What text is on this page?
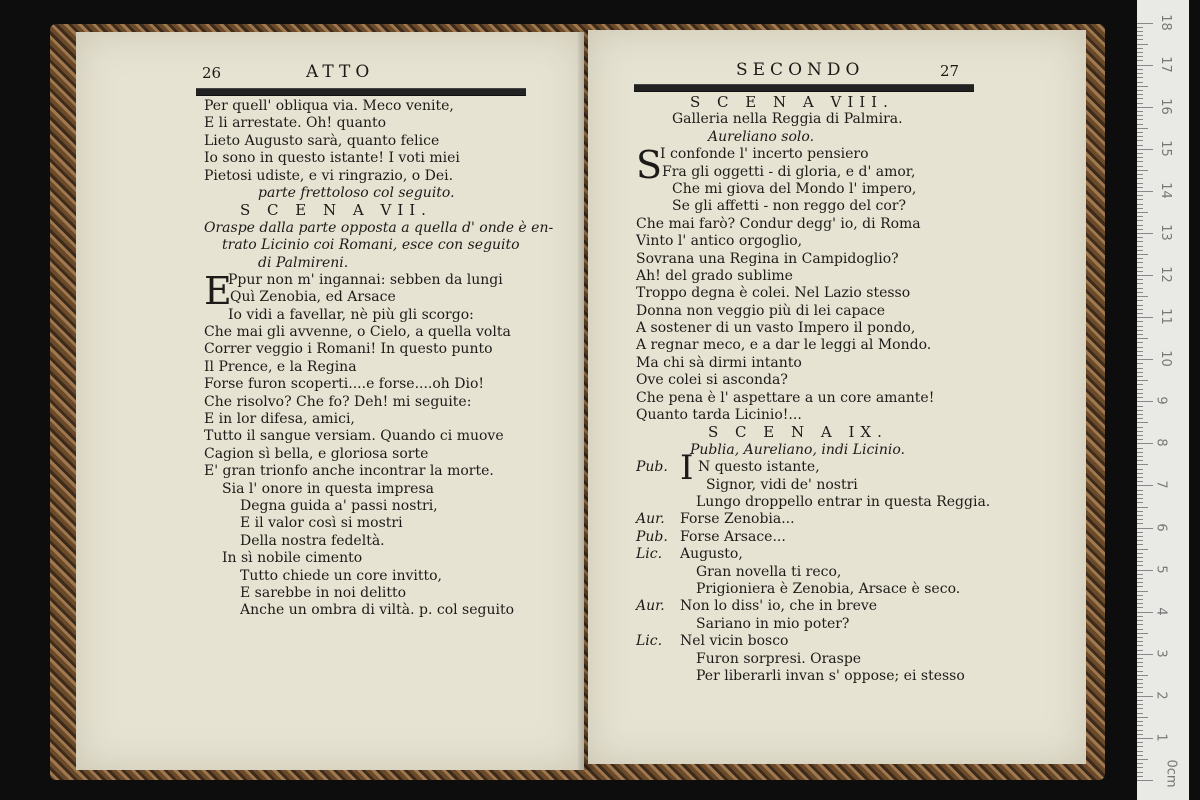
26	ATTO
Per quell' obliqua via. Meco venite,
E li arrestate. Oh! quanto
Lieto Augusto sarà, quanto felice
Io sono in questo istante! I voti miei
Pietosi udiste, e vi ringrazio, o Dei.
parte frettoloso col seguito.
S C E N A VII.
Oraspe dalla parte opposta a quella d' onde è en-
trato Licinio coi Romani, esce con seguito
di Palmireni.
E
Ppur non m' ingannai: sebben da lungi
Quì Zenobia, ed Arsace
Io vidi a favellar, nè più gli scorgo:
Che mai gli avvenne, o Cielo, a quella volta
Correr veggio i Romani! In questo punto
Il Prence, e la Regina
Forse furon scoperti....e forse....oh Dio!
Che risolvo? Che fo? Deh! mi seguite:
E in lor difesa, amici,
Tutto il sangue versiam. Quando ci muove
Cagion sì bella, e gloriosa sorte
E' gran trionfo anche incontrar la morte.
Sia l' onore in questa impresa
Degna guida a' passi nostri,
E il valor così si mostri
Della nostra fedeltà.
In sì nobile cimento
Tutto chiede un core invitto,
E sarebbe in noi delitto
Anche un ombra di viltà. p. col seguito
SECONDO	27
S C E N A VIII.
Galleria nella Reggia di Palmira.
Aureliano solo.
S
I confonde l' incerto pensiero
Fra gli oggetti - di gloria, e d' amor,
Che mi giova del Mondo l' impero,
Se gli affetti - non reggo del cor?
Che mai farò? Condur degg' io, di Roma
Vinto l' antico orgoglio,
Sovrana una Regina in Campidoglio?
Ah! del grado sublime
Troppo degna è colei. Nel Lazio stesso
Donna non veggio più di lei capace
A sostener di un vasto Impero il pondo,
A regnar meco, e a dar le leggi al Mondo.
Ma chi sà dirmi intanto
Ove colei si asconda?
Che pena è l' aspettare a un core amante!
Quanto tarda Licinio!...
S C E N A IX.
Publia, Aureliano, indi Licinio.
Pub. I N questo istante,
Signor, vidi de' nostri
Lungo droppello entrar in questa Reggia.
Aur. Forse Zenobia...
Pub. Forse Arsace...
Lic. Augusto,
Gran novella ti reco,
Prigioniera è Zenobia, Arsace è seco.
Aur. Non lo diss' io, che in breve
Sariano in mio poter?
Lic. Nel vicin bosco
Furon sorpresi. Oraspe
Per liberarli invan s' oppose; ei stesso
0cm
1
2
3
4
5
6
7
8
9
10
11
12
13
14
15
16
17
18
